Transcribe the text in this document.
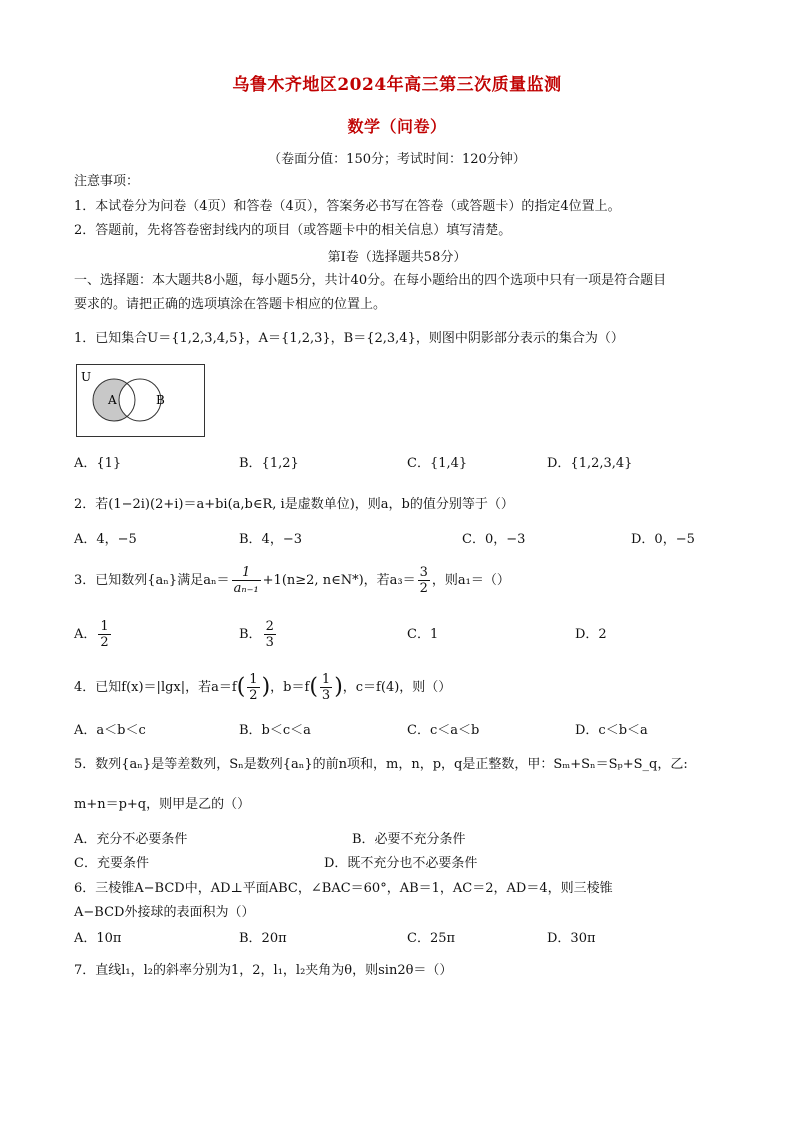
乌鲁木齐地区2024年高三第三次质量监测
数学（问卷）
（卷面分值：150分；考试时间：120分钟）
注意事项：
1．本试卷分为问卷（4页）和答卷（4页），答案务必书写在答卷（或答题卡）的指定4位置上。
2．答题前，先将答卷密封线内的项目（或答题卡中的相关信息）填写清楚。
第Ⅰ卷（选择题共58分）
一、选择题：本大题共8小题，每小题5分，共计40分。在每小题给出的四个选项中只有一项是符合题目
要求的。请把正确的选项填涂在答题卡相应的位置上。
1．已知集合U＝{1,2,3,4,5}，A＝{1,2,3}，B＝{2,3,4}，则图中阴影部分表示的集合为（）
U
A	B
A．{1}	B．{1,2}	C．{1,4}	D．{1,2,3,4}
2．若(1−2i)(2+i)＝a+bi(a,b∈R, i是虚数单位)，则a，b的值分别等于（）
A．4，−5	B．4，−3	C．0，−3	D．0，−5
3．已知数列{aₙ}满足$a_n= \frac{1}{\text{aₙ₋₁}} +1(n\ge 2$, n∈N*)，若$a_3= \frac{3}{2}$ ，则a₁＝（）
A． $\frac{1}{2}$	B． $\frac{2}{3}$	C．1	D．2
4．已知f(x)＝|lgx|，若$a=f( \frac{1}{2}$ )，$b=f( \frac{1}{3}$ )，c＝f(4)，则（）
A．a＜b＜c	B．b＜c＜a	C．c＜a＜b	D．c＜b＜a
5．数列{aₙ}是等差数列，Sₙ是数列{aₙ}的前n项和，m，n，p，q是正整数，甲：Sₘ+Sₙ＝Sₚ+S_q，乙:
m+n＝p+q，则甲是乙的（）
A．充分不必要条件	B．必要不充分条件
C．充要条件	D．既不充分也不必要条件
6．三棱锥A−BCD中，AD⊥平面ABC，∠BAC＝60°，AB＝1，AC＝2，AD＝4，则三棱锥
A−BCD外接球的表面积为（）
A．10π	B．20π	C．25π	D．30π
7．直线l₁，l₂的斜率分别为1，2，l₁，l₂夹角为θ，则sin2θ＝（）
